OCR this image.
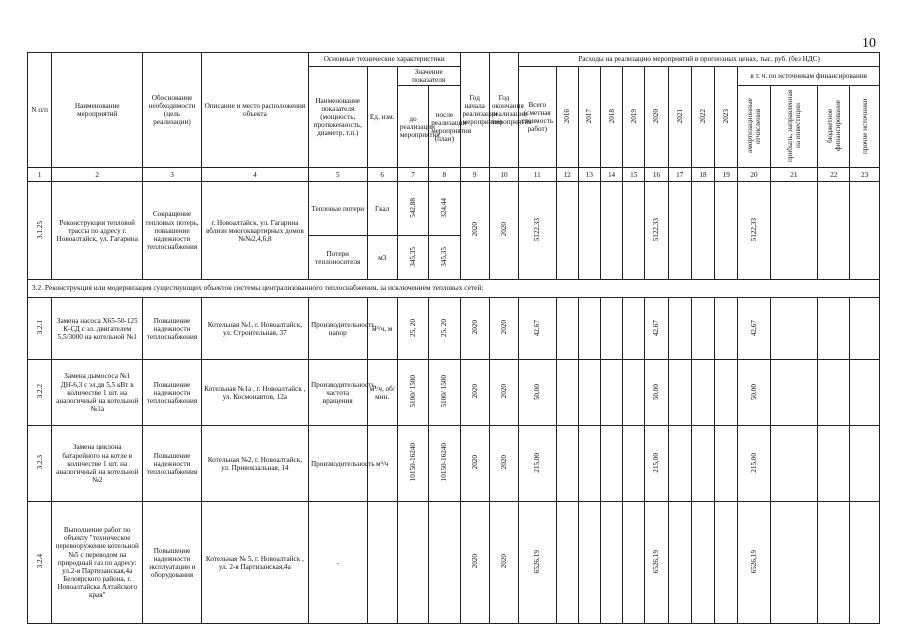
10
N п/п	Наименование мероприятий	Обоснование необходимости (цель реализации)	Описание и место расположения объекта	Основные технические характеристики				Год начала реализации мероприятия	Год окончания реализации мероприятия	Расходы на реализацию мероприятий в прогнозных ценах, тыс. руб. (без НДС)												
				Наименование показателя (мощность, протяженность, диаметр, т.п.)	Ед. изм.	Значение показателя				Всего (сметная стоимость работ)	2016	2017	2018	2019	2020	2021	2022	2023	в т. ч. по источникам финансирования			
						до реализации мероприятия	после реализации мероприятия (план)												амортизационные отчисления	прибыль, направленная на инвестиции	бюджетное финансирование	прочие источники
1	2	3	4	5	6	7	8	9	10	11	12	13	14	15	16	17	18	19	20	21	22	23
3.1.25	Реконструкция тепловой трассы по адресу г. Новоалтайск, ул. Гагарина	Сокращение тепловых потерь, повышение надежности теплоснабжения	г. Новоалтайск, ул. Гагарина вблизи многоквартирных домов №№2,4,6,8	Тепловые потери	Гкал	542,88	324,44	2020	2020	5122,33					5122,33				5122,33			
				Потери теплоносителя	м3	345,35	345,35															
3.2. Реконструкция или модернизация существующих объектов системы централизованного теплоснабжения, за исключением тепловых сетей:																						
3.2.1	Замена насоса Х65-50-125 К-СД с эл. двигателем 5,5/3000 на котельной №1	Повышение надежности теплоснабжения	Котельная №1, г. Новоалтайск, ул. Строительная, 37	Производительность, напор	м³/ч, м	25, 20	25, 20	2020	2020	42,67					42,67				42,67			
3.2.2	Замена дымососа №1 ДН-6,3 с эл.дв 5,5 кВт в количестве 1 шт. на аналогичный на котельной №1а	Повышение надежности теплоснабжения	Котельная №1а , г. Новоалтайск , ул. Космонавтов, 12а	Производительность, частота вращения	м³/ч, об/мин.	5100/ 1500	5100/ 1500	2020	2020	50,00					50,00				50,00			
3.2.3	Замена циклона батарейного на котле в количестве 1 шт. на аналогичный на котельной №2	Повышение надежности теплоснабжения	Котельная №2, г. Новоалтайск, ул. Привокзальная, 14	Производительность	м³/ч	10150-16240	10150-16240	2020	2020	215,00					215,00				215,00			
3.2.4	Выполнение работ по объекту "техническое перевооружение котельной №5 с переводом на природный газ по адресу: ул.2-я Партизанская,4а Белоярского района, г. Новоалтайска Алтайского края"	Повышение надежности эксплуатации и оборудования	Котельная № 5, г. Новоалтайск , ул. 2-я Партизанская,4а	-				2020	2020	6526,19					6526,19				6526,19			
